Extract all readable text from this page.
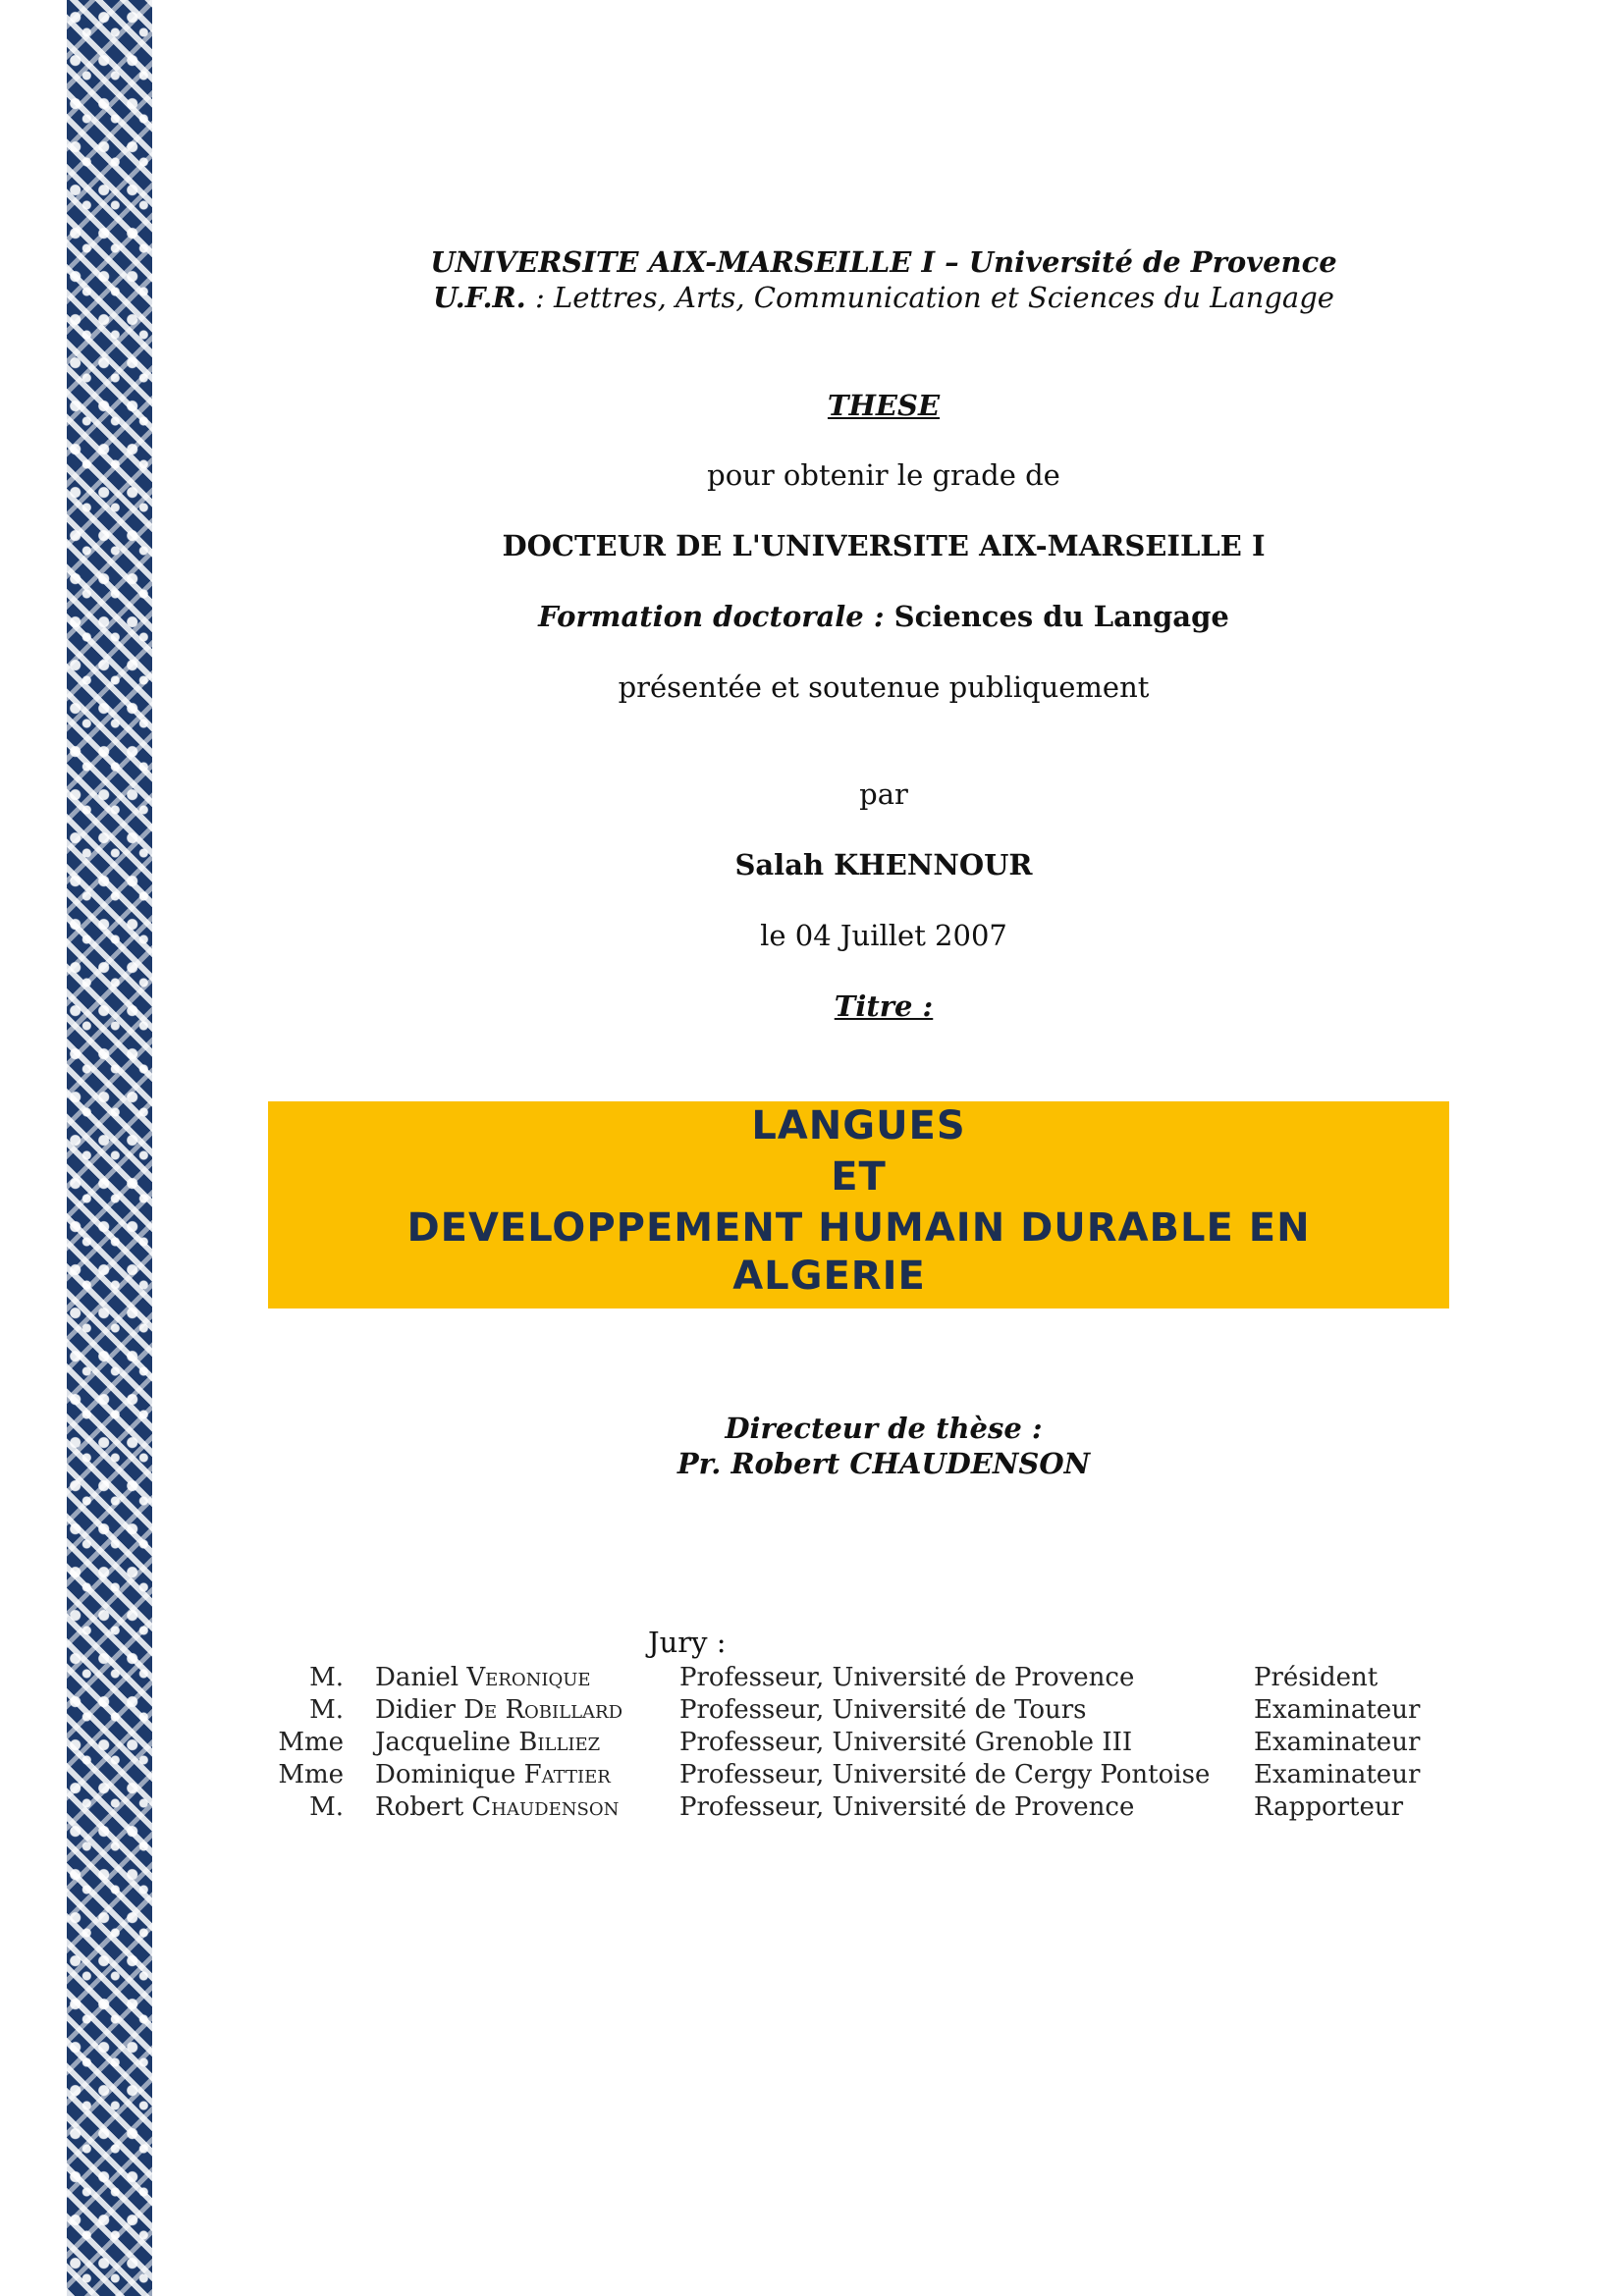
UNIVERSITE AIX-MARSEILLE I – Université de Provence
U.F.R. : Lettres, Arts, Communication et Sciences du Langage
THESE
pour obtenir le grade de
DOCTEUR DE L'UNIVERSITE AIX-MARSEILLE I
Formation doctorale : Sciences du Langage
présentée et soutenue publiquement
par
Salah KHENNOUR
le 04 Juillet 2007
Titre :
LANGUES
ET
DEVELOPPEMENT HUMAIN DURABLE EN
ALGERIE
Directeur de thèse :
Pr. Robert CHAUDENSON
Jury :
M. Daniel Veronique	Professeur, Université de Provence	Président
M. Didier De Robillard Professeur, Université de Tours	Examinateur
Mme Jacqueline Billiez	Professeur, Université Grenoble III	Examinateur
Mme Dominique Fattier	Professeur, Université de Cergy Pontoise Examinateur
M. Robert Chaudenson Professeur, Université de Provence	Rapporteur
